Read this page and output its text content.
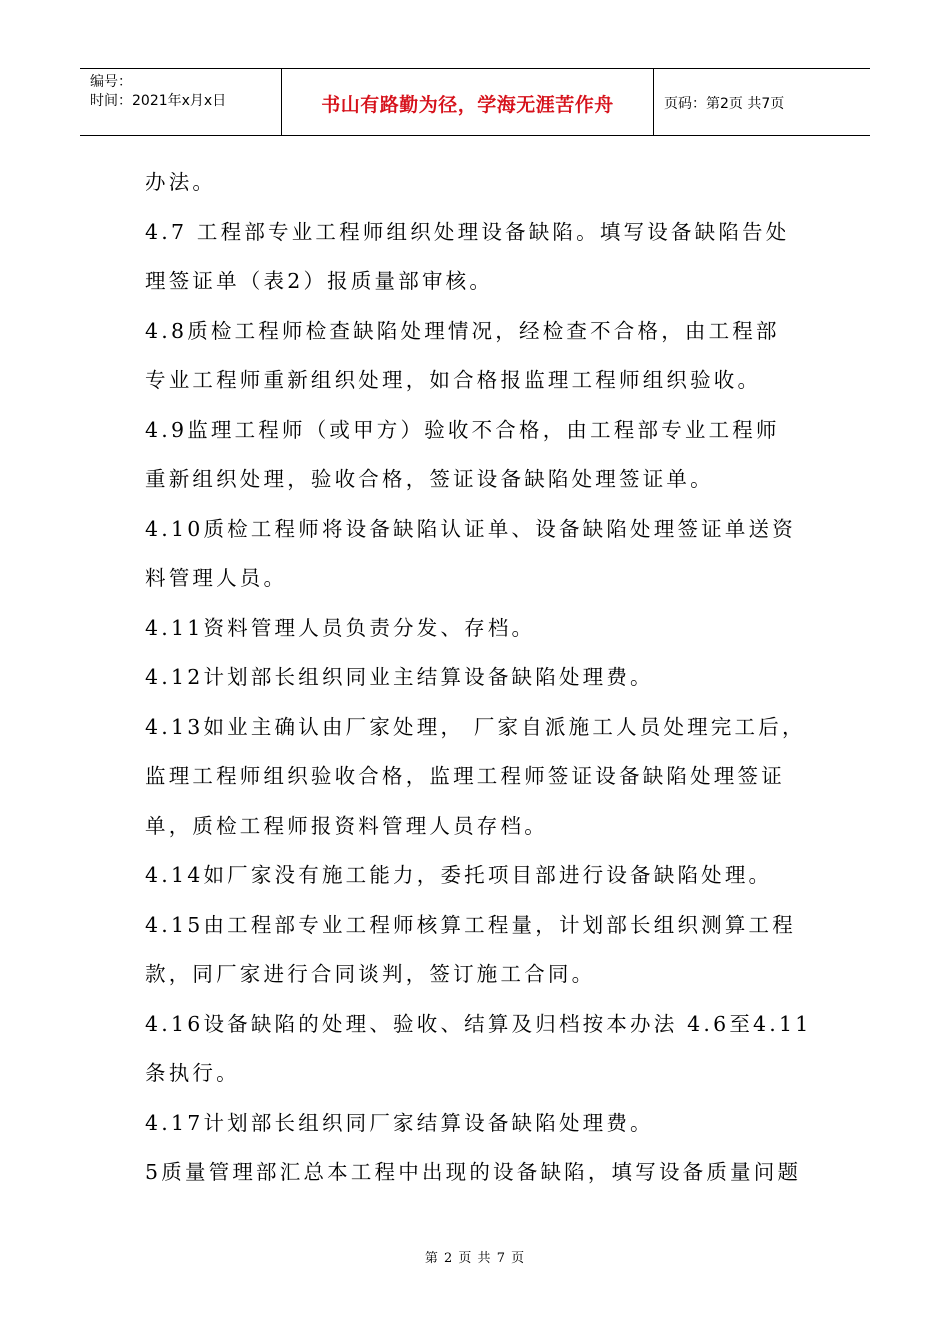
编号：
时间：2021年x月x日	书山有路勤为径，学海无涯苦作舟	页码：第2页 共7页
办法。
4.7 工程部专业工程师组织处理设备缺陷。填写设备缺陷告处
理签证单（表2）报质量部审核。
4.8质检工程师检查缺陷处理情况，经检查不合格，由工程部
专业工程师重新组织处理，如合格报监理工程师组织验收。
4.9监理工程师（或甲方）验收不合格，由工程部专业工程师
重新组织处理，验收合格，签证设备缺陷处理签证单。
4.10质检工程师将设备缺陷认证单、设备缺陷处理签证单送资
料管理人员。
4.11资料管理人员负责分发、存档。
4.12计划部长组织同业主结算设备缺陷处理费。
4.13如业主确认由厂家处理， 厂家自派施工人员处理完工后，
监理工程师组织验收合格，监理工程师签证设备缺陷处理签证
单，质检工程师报资料管理人员存档。
4.14如厂家没有施工能力，委托项目部进行设备缺陷处理。
4.15由工程部专业工程师核算工程量，计划部长组织测算工程
款，同厂家进行合同谈判，签订施工合同。
4.16设备缺陷的处理、验收、结算及归档按本办法 4.6至4.11
条执行。
4.17计划部长组织同厂家结算设备缺陷处理费。
5质量管理部汇总本工程中出现的设备缺陷，填写设备质量问题
第 2 页 共 7 页
